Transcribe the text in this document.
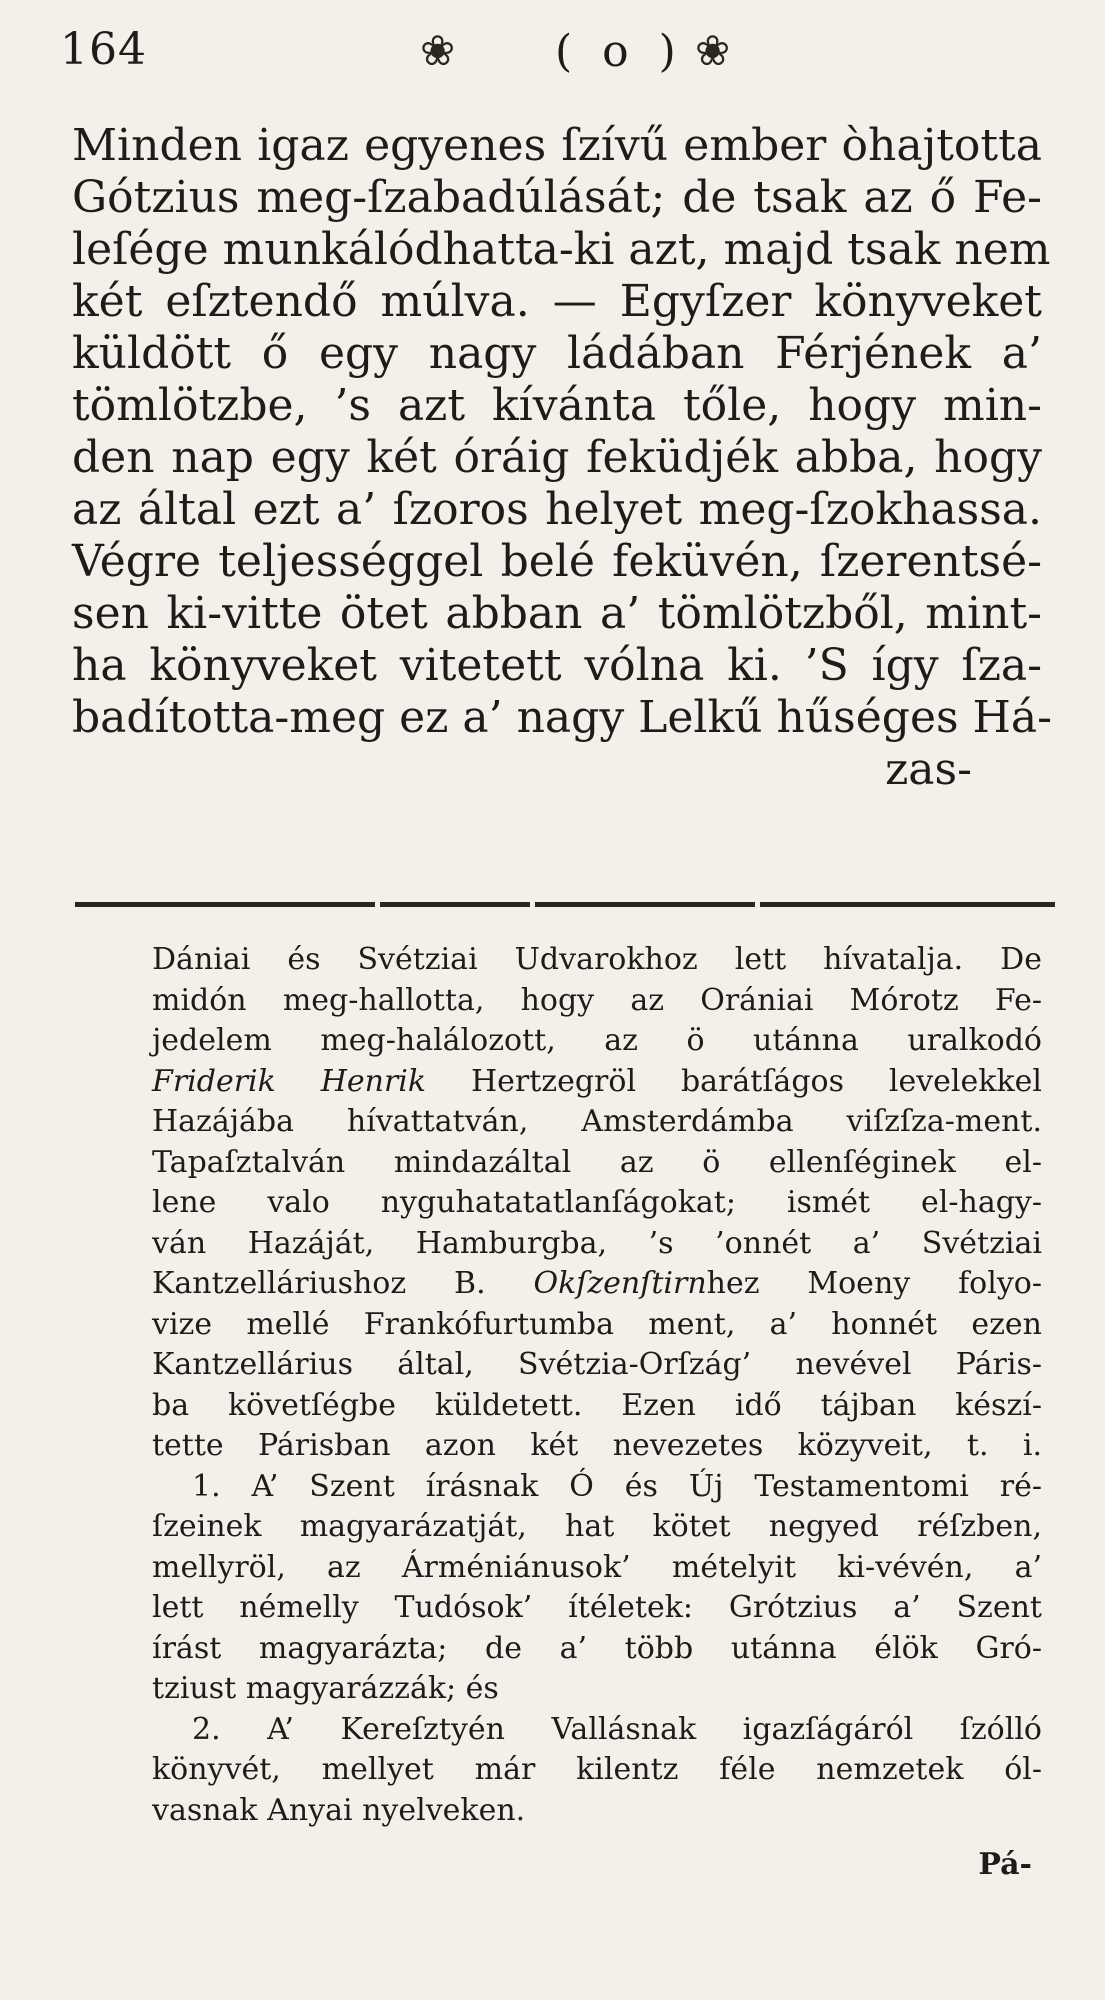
164	❀ ( o ) ❀
Minden igaz egyenes ſzívű ember òhajtotta
Gótzius meg-ſzabadúlását; de tsak az ő Fe-
leſége munkálódhatta-ki azt, majd tsak nem
két eſztendő múlva. — Egyſzer könyveket
küldött ő egy nagy ládában Férjének a’
tömlötzbe, ’s azt kívánta tőle, hogy min-
den nap egy két óráig feküdjék abba, hogy
az által ezt a’ ſzoros helyet meg-ſzokhassa.
Végre teljességgel belé feküvén, ſzerentsé-
sen ki-vitte ötet abban a’ tömlötzből, mint-
ha könyveket vitetett vólna ki. ’S így ſza-
badította-meg ez a’ nagy Lelkű hűséges Há-
zas-
Dániai és Svétziai Udvarokhoz lett hívatalja. De
midón meg-hallotta, hogy az Orániai Mórotz Fe-
jedelem meg-halálozott, az ö utánna uralkodó
Friderik Henrik Hertzegröl barátſágos levelekkel
Hazájába hívattatván, Amsterdámba viſzſza-ment.
Tapaſztalván mindazáltal az ö ellenſéginek el-
lene valo nyguhatatatlanſágokat; ismét el-hagy-
ván Hazáját, Hamburgba, ’s ’onnét a’ Svétziai
Kantzelláriushoz B. Okſzenſtirnhez Moeny folyo-
vize mellé Frankófurtumba ment, a’ honnét ezen
Kantzellárius által, Svétzia-Orſzág’ nevével Páris-
ba követſégbe küldetett. Ezen idő tájban készí-
tette Párisban azon két nevezetes közyveit, t. i.
1. A’ Szent írásnak Ó és Új Testamentomi ré-
ſzeinek magyarázatját, hat kötet negyed réſzben,
mellyröl, az Árméniánusok’ mételyit ki-vévén, a’
lett némelly Tudósok’ ítéletek: Grótzius a’ Szent
írást magyarázta; de a’ több utánna élök Gró-
tziust magyarázzák; és
2. A’ Kereſztyén Vallásnak igazſágáról ſzólló
könyvét, mellyet már kilentz féle nemzetek ól-
vasnak Anyai nyelveken.
Pá-
